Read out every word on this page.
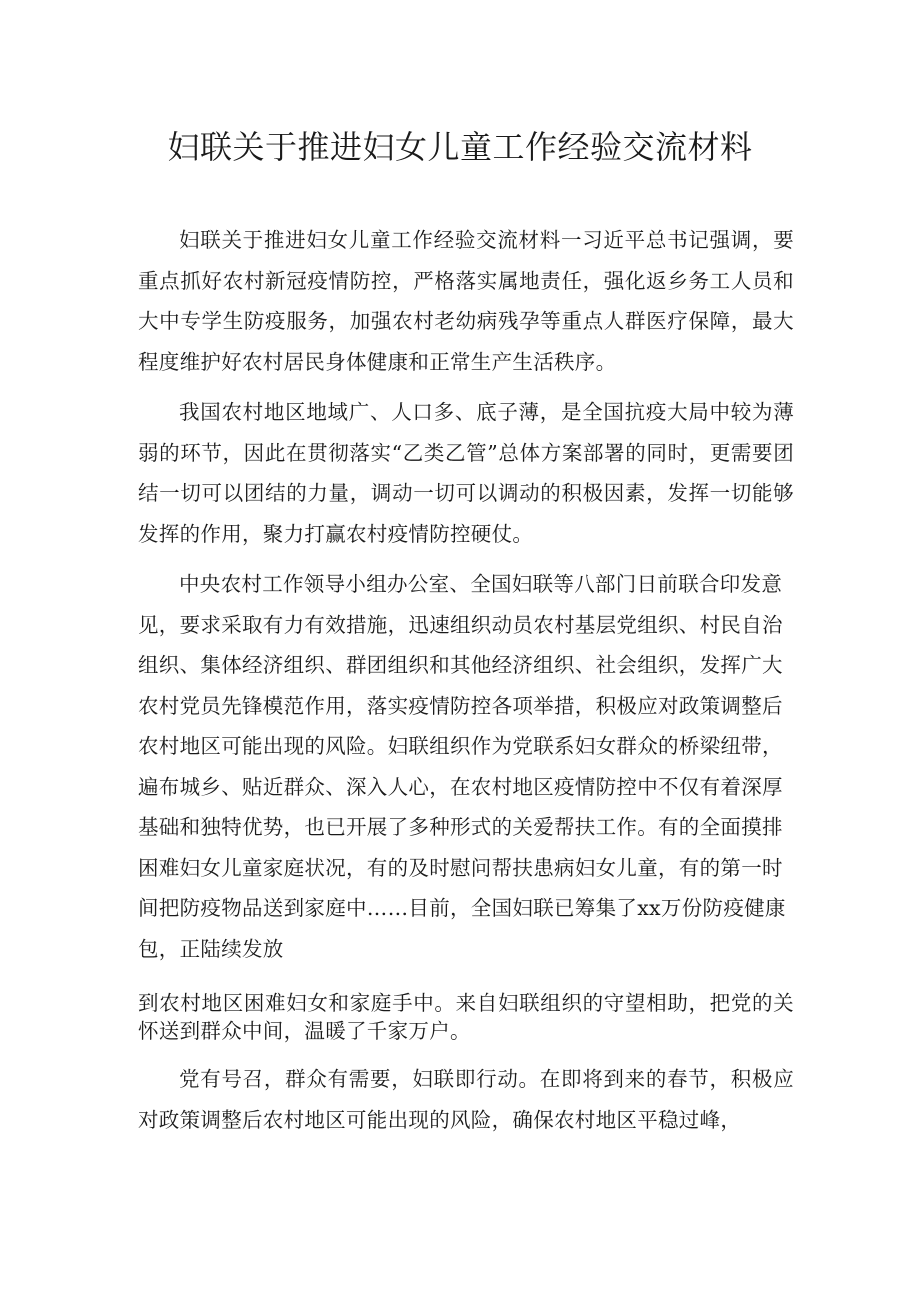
妇联关于推进妇女儿童工作经验交流材料

妇联关于推进妇女儿童工作经验交流材料一习近平总书记强调，要重点抓好农村新冠疫情防控，严格落实属地责任，强化返乡务工人员和大中专学生防疫服务，加强农村老幼病残孕等重点人群医疗保障，最大程度维护好农村居民身体健康和正常生产生活秩序。

我国农村地区地域广、人口多、底子薄，是全国抗疫大局中较为薄弱的环节，因此在贯彻落实“乙类乙管”总体方案部署的同时，更需要团结一切可以团结的力量，调动一切可以调动的积极因素，发挥一切能够发挥的作用，聚力打赢农村疫情防控硬仗。

中央农村工作领导小组办公室、全国妇联等八部门日前联合印发意见，要求采取有力有效措施，迅速组织动员农村基层党组织、村民自治组织、集体经济组织、群团组织和其他经济组织、社会组织，发挥广大农村党员先锋模范作用，落实疫情防控各项举措，积极应对政策调整后农村地区可能出现的风险。妇联组织作为党联系妇女群众的桥梁纽带，遍布城乡、贴近群众、深入人心，在农村地区疫情防控中不仅有着深厚基础和独特优势，也已开展了多种形式的关爱帮扶工作。有的全面摸排困难妇女儿童家庭状况，有的及时慰问帮扶患病妇女儿童，有的第一时间把防疫物品送到家庭中……目前，全国妇联已筹集了xx万份防疫健康包，正陆续发放

到农村地区困难妇女和家庭手中。来自妇联组织的守望相助，把党的关怀送到群众中间，温暖了千家万户。

党有号召，群众有需要，妇联即行动。在即将到来的春节，积极应对政策调整后农村地区可能出现的风险，确保农村地区平稳过峰，
